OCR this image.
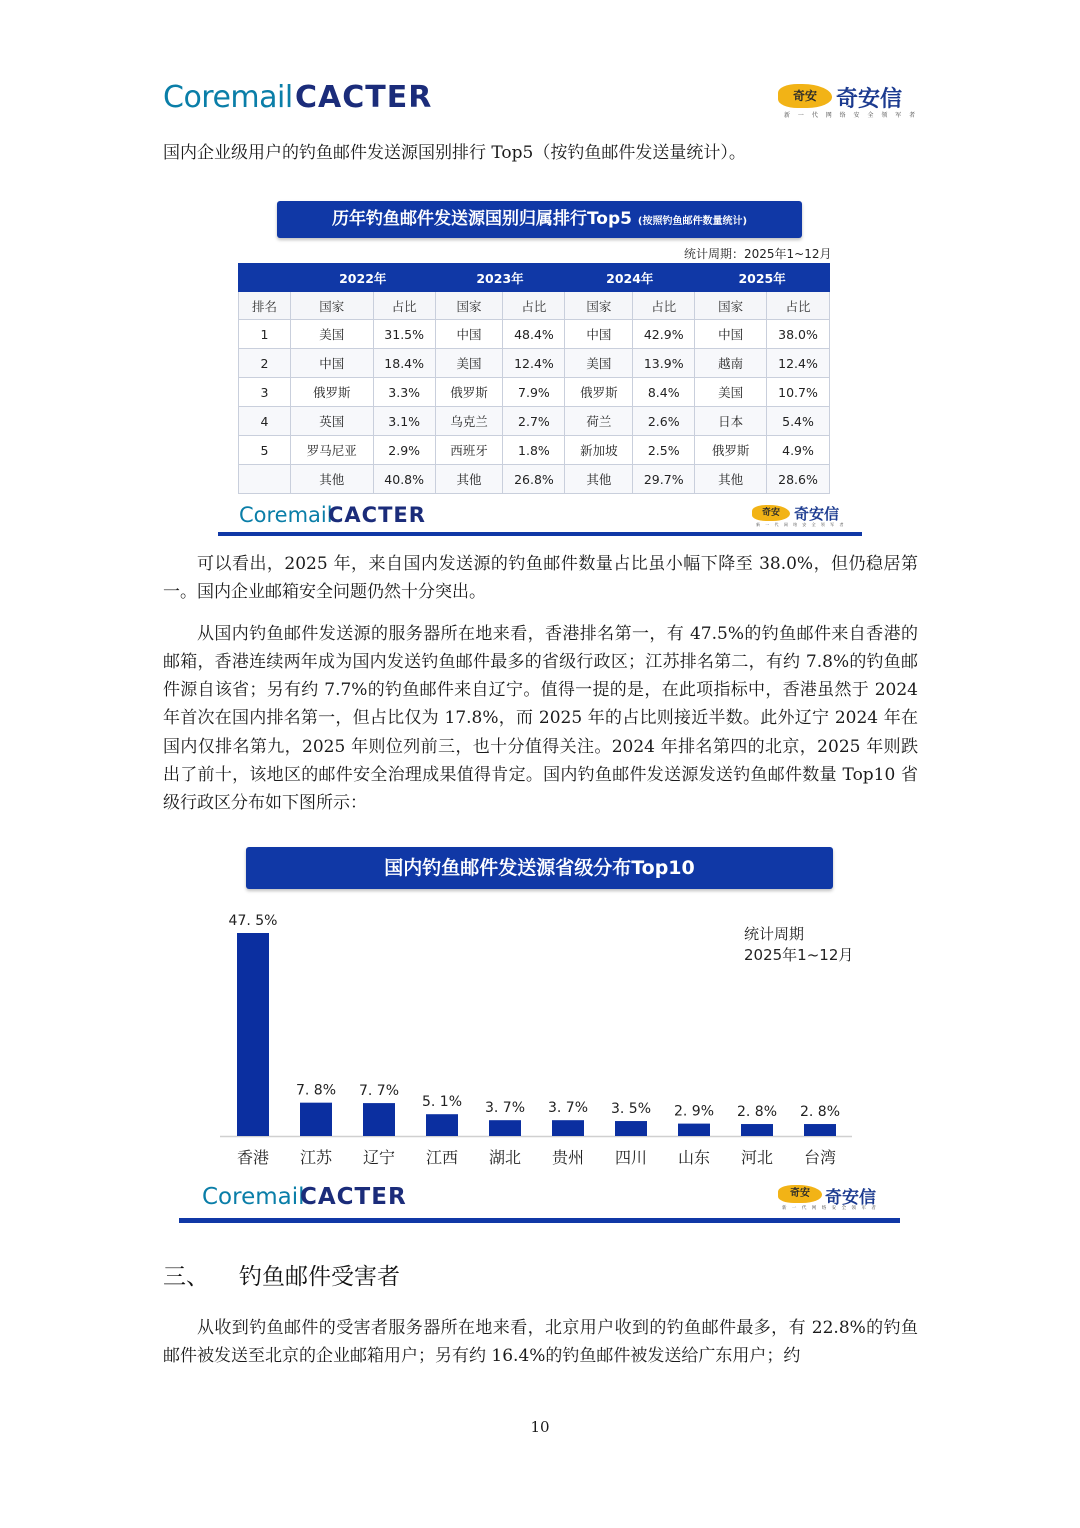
Coremail CACTER	奇安 奇安信
新 一 代 网 络 安 全 领 军 者
国内企业级用户的钓鱼邮件发送源国别排行 Top5（按钓鱼邮件发送量统计）。
历年钓鱼邮件发送源国别归属排行Top5 (按照钓鱼邮件数量统计)
统计周期：2025年1~12月
	2022年		2023年		2024年		2025年	
排名	国家	占比	国家	占比	国家	占比	国家	占比
1	美国	31.5%	中国	48.4%	中国	42.9%	中国	38.0%
2	中国	18.4%	美国	12.4%	美国	13.9%	越南	12.4%
3	俄罗斯	3.3%	俄罗斯	7.9%	俄罗斯	8.4%	美国	10.7%
4	英国	3.1%	乌克兰	2.7%	荷兰	2.6%	日本	5.4%
5	罗马尼亚	2.9%	西班牙	1.8%	新加坡	2.5%	俄罗斯	4.9%
	其他	40.8%	其他	26.8%	其他	29.7%	其他	28.6%
Coremail
CACTER	奇安 奇安信
新 一 代 网 络 安 全 领 军 者

可以看出，2025 年，来自国内发送源的钓鱼邮件数量占比虽小幅下降至 38.0%，但仍稳居第一。国内企业邮箱安全问题仍然十分突出。

从国内钓鱼邮件发送源的服务器所在地来看，香港排名第一，有 47.5%的钓鱼邮件来自香港的邮箱，香港连续两年成为国内发送钓鱼邮件最多的省级行政区；江苏排名第二，有约 7.8%的钓鱼邮件源自该省；另有约 7.7%的钓鱼邮件来自辽宁。值得一提的是，在此项指标中，香港虽然于 2024 年首次在国内排名第一，但占比仅为 17.8%，而 2025 年的占比则接近半数。此外辽宁 2024 年在国内仅排名第九，2025 年则位列前三，也十分值得关注。2024 年排名第四的北京，2025 年则跌出了前十，该地区的邮件安全治理成果值得肯定。国内钓鱼邮件发送源发送钓鱼邮件数量 Top10 省级行政区分布如下图所示：

国内钓鱼邮件发送源省级分布Top10
统计周期
2025年1~12月
47. 5%
香港
7. 8%
江苏
7. 7%
辽宁
5. 1%
江西
3. 7%
湖北
3. 7%
贵州
3. 5%
四川
2. 9%
山东
2. 8%
河北
2. 8%
台湾
Coremail
CACTER	奇安 奇安信
新 一 代 网 络 安 全 领 军 者
三、 钓鱼邮件受害者

从收到钓鱼邮件的受害者服务器所在地来看，北京用户收到的钓鱼邮件最多，有 22.8%的钓鱼邮件被发送至北京的企业邮箱用户；另有约 16.4%的钓鱼邮件被发送给广东用户；约

10
